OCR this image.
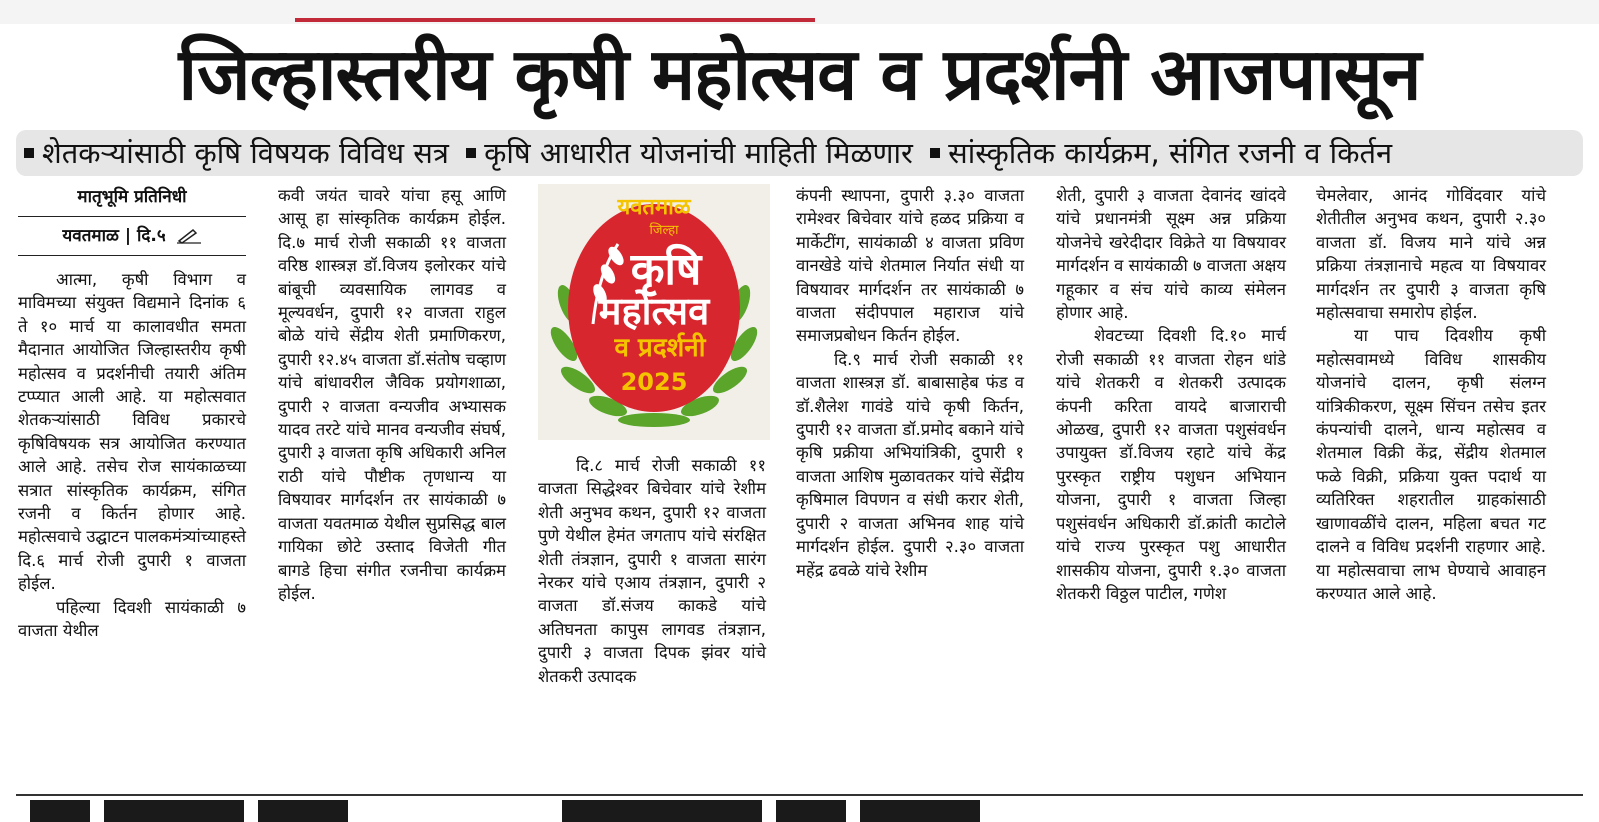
जिल्हास्तरीय कृषी महोत्सव व प्रदर्शनी आजपासून
शेतकऱ्यांसाठी कृषि विषयक विविध सत्र कृषि आधारीत योजनांची माहिती मिळणार सांस्कृतिक कार्यक्रम, संगित रजनी व किर्तन
मातृभूमि प्रतिनिधी
यवतमाळ | दि.५

आत्मा, कृषी विभाग व माविमच्या संयुक्त विद्यमाने दिनांक ६ ते १० मार्च या कालावधीत समता मैदानात आयोजित जिल्हास्तरीय कृषी महोत्सव व प्रदर्शनीची तयारी अंतिम टप्प्यात आली आहे. या महोत्सवात शेतकऱ्यांसाठी विविध प्रकारचे कृषिविषयक सत्र आयोजित करण्यात आले आहे. तसेच रोज सायंकाळच्या सत्रात सांस्कृतिक कार्यक्रम, संगित रजनी व किर्तन होणार आहे. महोत्सवाचे उद्घाटन पालकमंत्र्यांच्याहस्ते दि.६ मार्च रोजी दुपारी १ वाजता होईल.

पहिल्या दिवशी सायंकाळी ७ वाजता येथील

कवी जयंत चावरे यांचा हसू आणि आसू हा सांस्कृतिक कार्यक्रम होईल. दि.७ मार्च रोजी सकाळी ११ वाजता वरिष्ठ शास्त्रज्ञ डॉ.विजय इलोरकर यांचे बांबूची व्यवसायिक लागवड व मूल्यवर्धन, दुपारी १२ वाजता राहुल बोळे यांचे सेंद्रीय शेती प्रमाणिकरण, दुपारी १२.४५ वाजता डॉ.संतोष चव्हाण यांचे बांधावरील जैविक प्रयोगशाळा, दुपारी २ वाजता वन्यजीव अभ्यासक यादव तरटे यांचे मानव वन्यजीव संघर्ष, दुपारी ३ वाजता कृषि अधिकारी अनिल राठी यांचे पौष्टीक तृणधान्य या विषयावर मार्गदर्शन तर सायंकाळी ७ वाजता यवतमाळ येथील सुप्रसिद्ध बाल गायिका छोटे उस्ताद विजेती गीत बागडे हिचा संगीत रजनीचा कार्यक्रम होईल.

यवतमाळ
जिल्हा
कृषि
महोत्सव
व प्रदर्शनी
2025

दि.८ मार्च रोजी सकाळी ११ वाजता सिद्धेश्वर बिचेवार यांचे रेशीम शेती अनुभव कथन, दुपारी १२ वाजता पुणे येथील हेमंत जगताप यांचे संरक्षित शेती तंत्रज्ञान, दुपारी १ वाजता सारंग नेरकर यांचे एआय तंत्रज्ञान, दुपारी २ वाजता डॉ.संजय काकडे यांचे अतिघनता कापुस लागवड तंत्रज्ञान, दुपारी ३ वाजता दिपक झंवर यांचे शेतकरी उत्पादक

कंपनी स्थापना, दुपारी ३.३० वाजता रामेश्वर बिचेवार यांचे हळद प्रक्रिया व मार्केटींग, सायंकाळी ४ वाजता प्रविण वानखेडे यांचे शेतमाल निर्यात संधी या विषयावर मार्गदर्शन तर सायंकाळी ७ वाजता संदीपपाल महाराज यांचे समाजप्रबोधन किर्तन होईल.

दि.९ मार्च रोजी सकाळी ११ वाजता शास्त्रज्ञ डॉ. बाबासाहेब फंड व डॉ.शैलेश गावंडे यांचे कृषी किर्तन, दुपारी १२ वाजता डॉ.प्रमोद बकाने यांचे कृषि प्रक्रीया अभियांत्रिकी, दुपारी १ वाजता आशिष मुळावतकर यांचे सेंद्रीय कृषिमाल विपणन व संधी करार शेती, दुपारी २ वाजता अभिनव शाह यांचे मार्गदर्शन होईल. दुपारी २.३० वाजता महेंद्र ढवळे यांचे रेशीम

शेती, दुपारी ३ वाजता देवानंद खांदवे यांचे प्रधानमंत्री सूक्ष्म अन्न प्रक्रिया योजनेचे खरेदीदार विक्रेते या विषयावर मार्गदर्शन व सायंकाळी ७ वाजता अक्षय गहूकार व संच यांचे काव्य संमेलन होणार आहे.

शेवटच्या दिवशी दि.१० मार्च रोजी सकाळी ११ वाजता रोहन धांडे यांचे शेतकरी व शेतकरी उत्पादक कंपनी करिता वायदे बाजाराची ओळख, दुपारी १२ वाजता पशुसंवर्धन उपायुक्त डॉ.विजय रहाटे यांचे केंद्र पुरस्कृत राष्ट्रीय पशुधन अभियान योजना, दुपारी १ वाजता जिल्हा पशुसंवर्धन अधिकारी डॉ.क्रांती काटोले यांचे राज्य पुरस्कृत पशु आधारीत शासकीय योजना, दुपारी १.३० वाजता शेतकरी विठ्ठल पाटील, गणेश

चेमलेवार, आनंद गोविंदवार यांचे शेतीतील अनुभव कथन, दुपारी २.३० वाजता डॉ. विजय माने यांचे अन्न प्रक्रिया तंत्रज्ञानाचे महत्व या विषयावर मार्गदर्शन तर दुपारी ३ वाजता कृषि महोत्सवाचा समारोप होईल.

या पाच दिवशीय कृषी महोत्सवामध्ये विविध शासकीय योजनांचे दालन, कृषी संलग्न यांत्रिकीकरण, सूक्ष्म सिंचन तसेच इतर कंपन्यांची दालने, धान्य महोत्सव व शेतमाल विक्री केंद्र, सेंद्रीय शेतमाल फळे विक्री, प्रक्रिया युक्त पदार्थ या व्यतिरिक्त शहरातील ग्राहकांसाठी खाणावळींचे दालन, महिला बचत गट दालने व विविध प्रदर्शनी राहणार आहे. या महोत्सवाचा लाभ घेण्याचे आवाहन करण्यात आले आहे.
